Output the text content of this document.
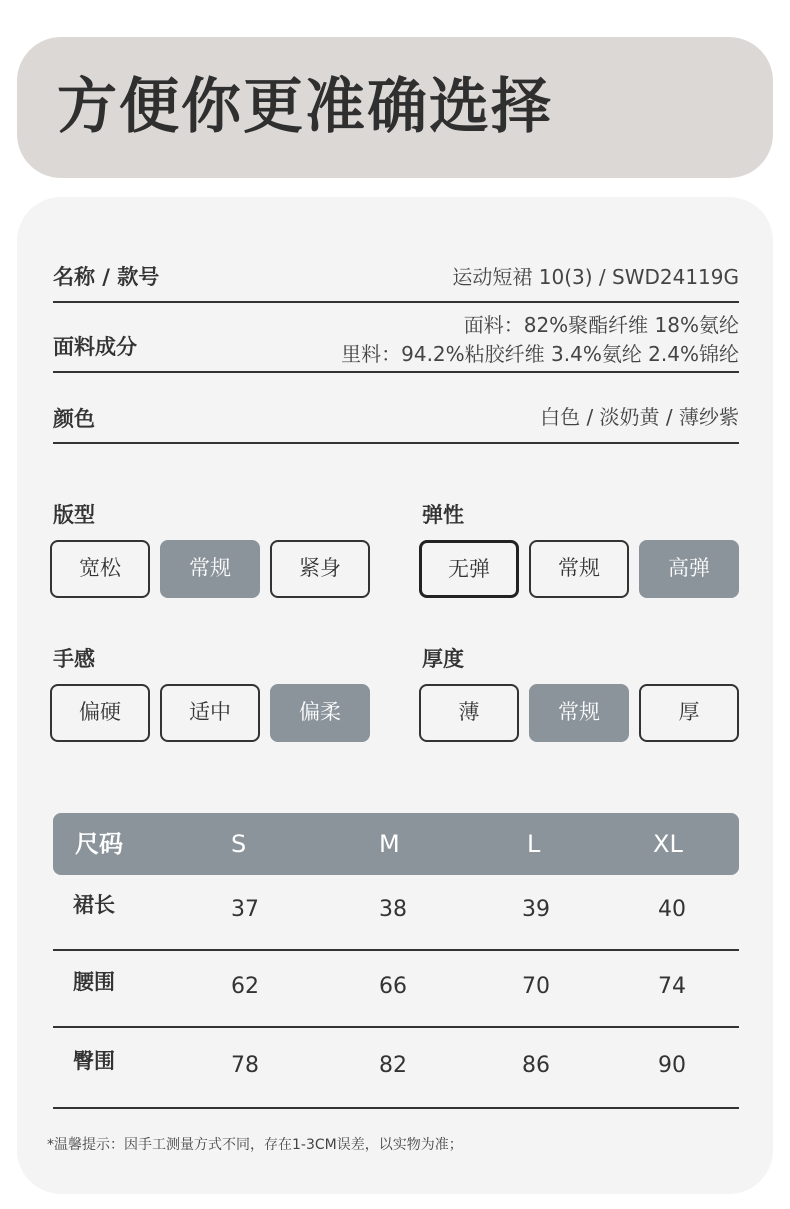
方便你更准确选择
名称 / 款号	运动短裙 10(3) / SWD24119G
面料成分
面料：82%聚酯纤维 18%氨纶
里料：94.2%粘胶纤维 3.4%氨纶 2.4%锦纶
颜色	白色 / 淡奶黄 / 薄纱紫
版型
宽松	常规	紧身
弹性
无弹	常规	高弹
手感
偏硬	适中	偏柔
厚度
薄	常规	厚
尺码	S	M	L	XL
裙长	37	38	39	40
腰围	62	66	70	74
臀围	78	82	86	90
*温馨提示：因手工测量方式不同，存在1-3CM误差，以实物为准；
